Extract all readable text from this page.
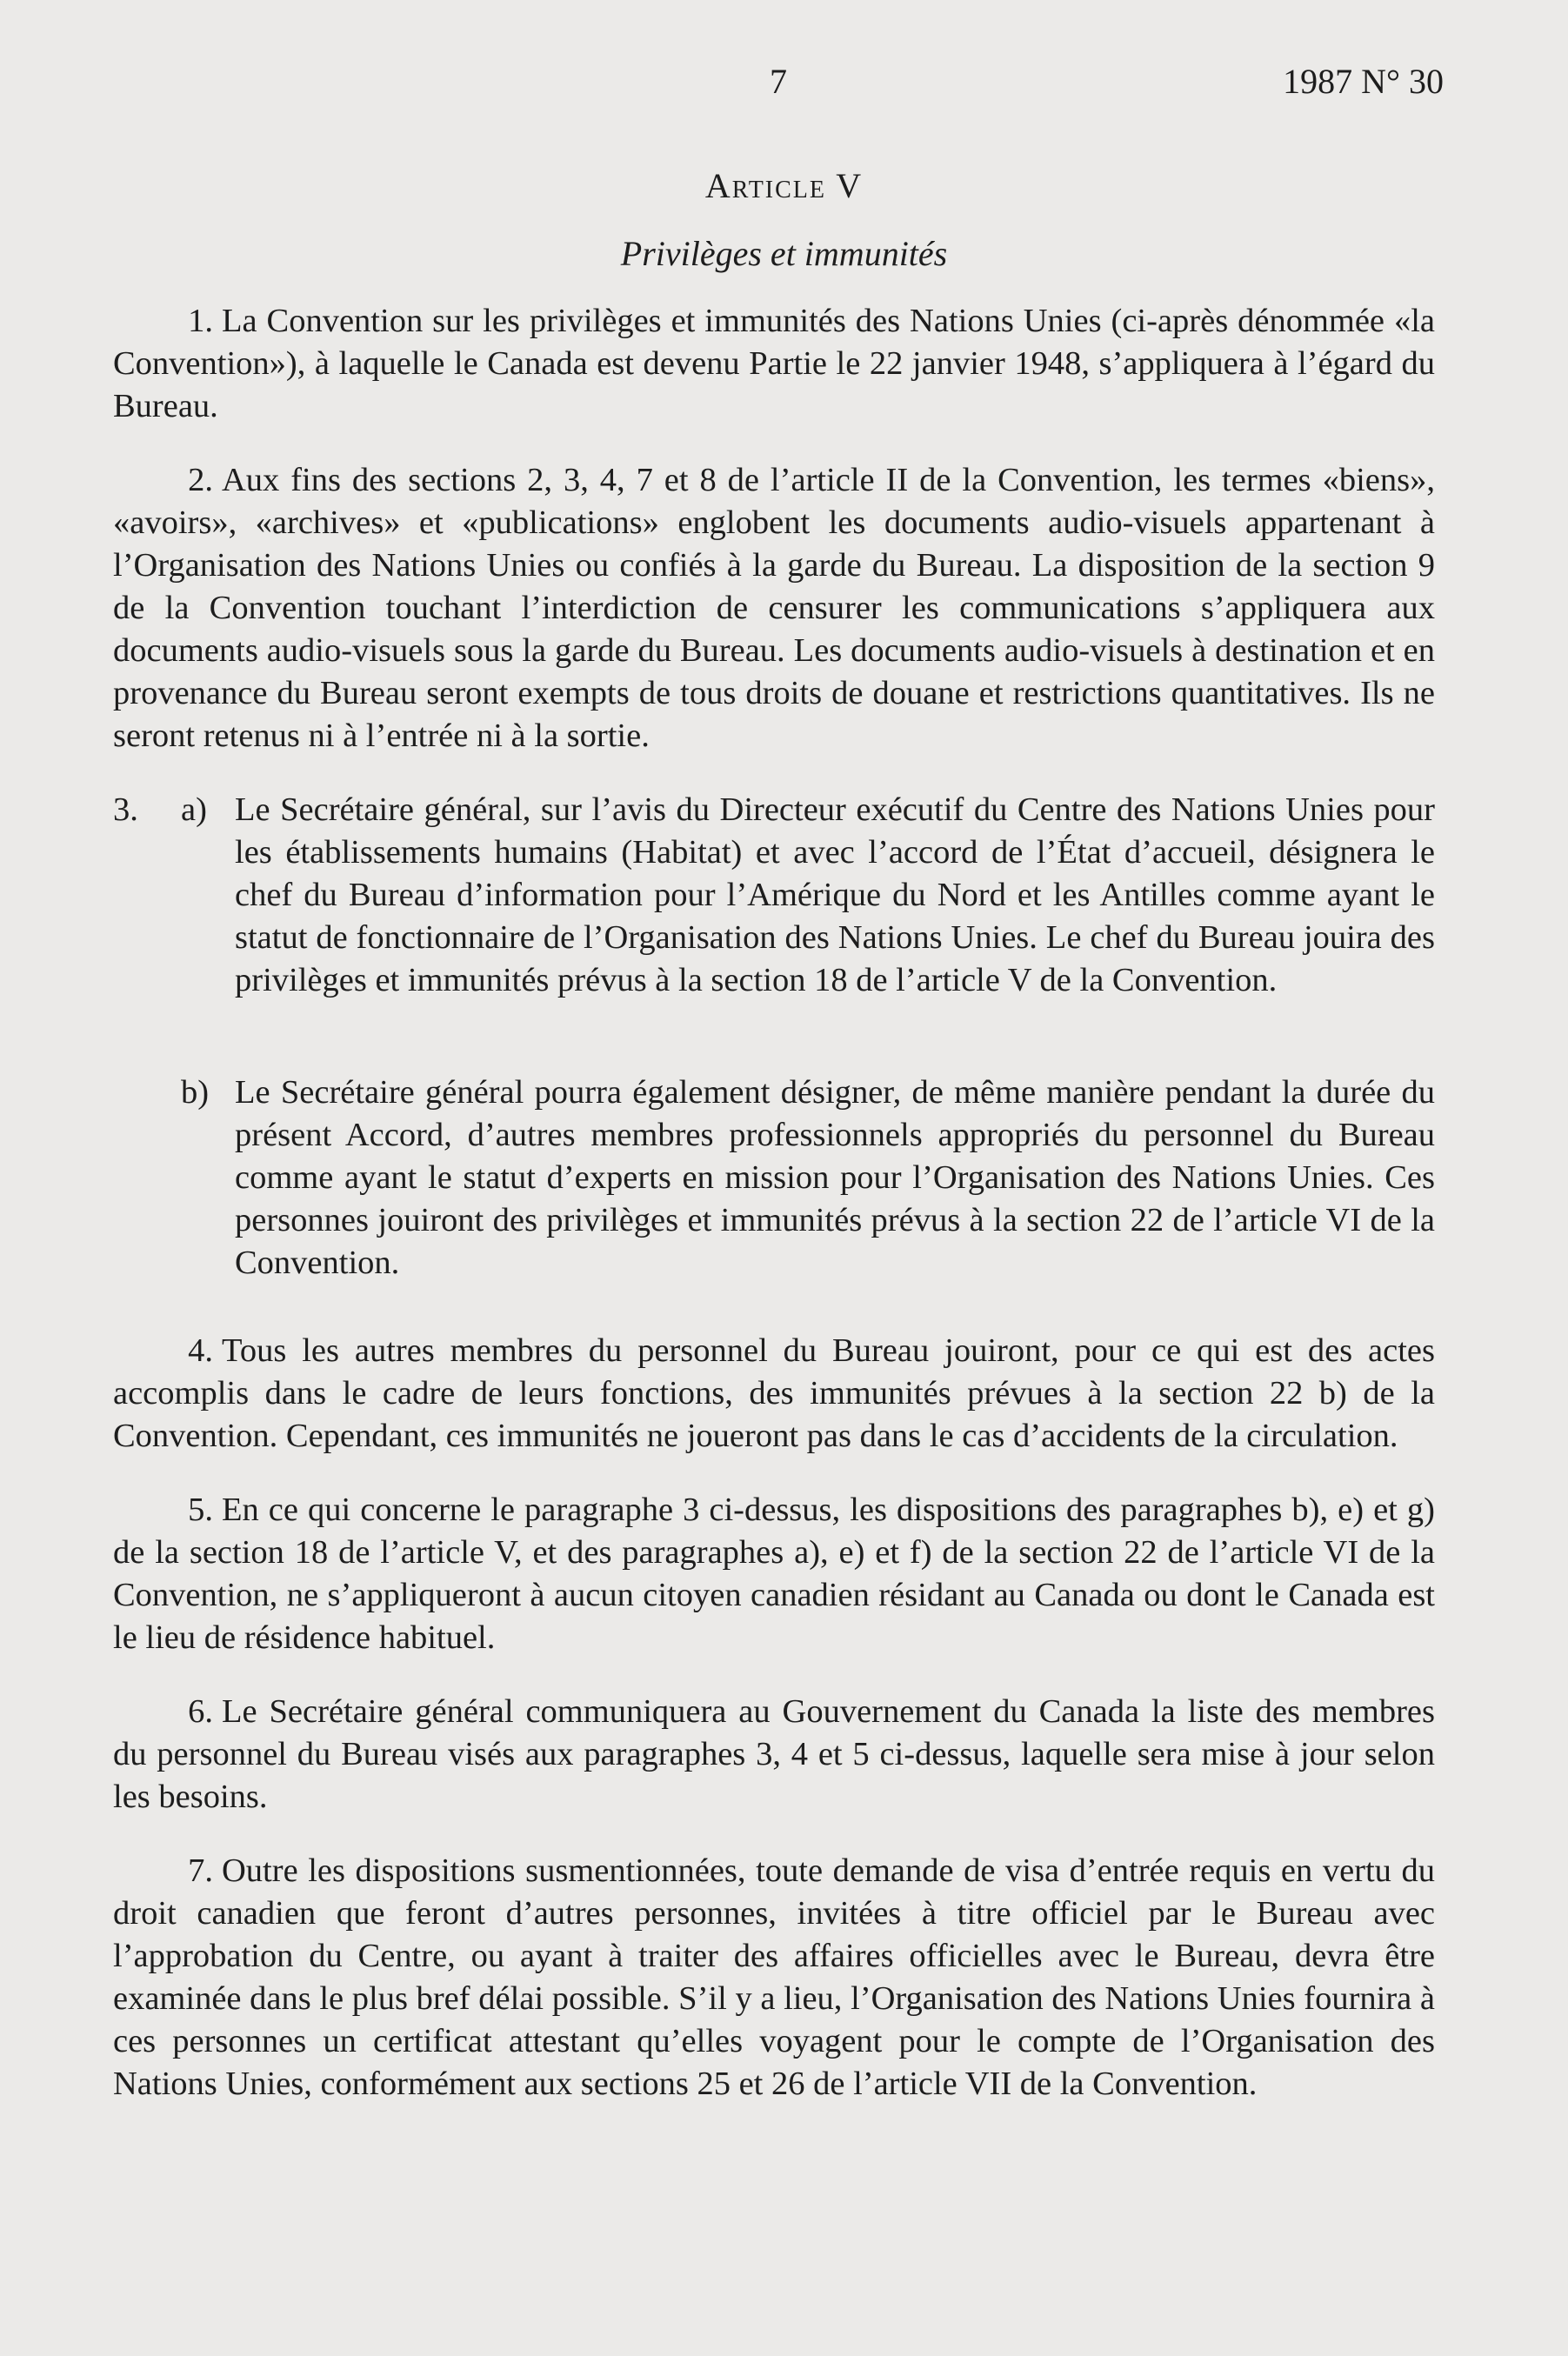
7	1987 N° 30
Article V
Privilèges et immunités

1. La Convention sur les privilèges et immunités des Nations Unies (ci-après dénommée «la Convention»), à laquelle le Canada est devenu Partie le 22 janvier 1948, s’appliquera à l’égard du Bureau.

2. Aux fins des sections 2, 3, 4, 7 et 8 de l’article II de la Convention, les termes «biens», «avoirs», «archives» et «publications» englobent les documents audio-visuels appartenant à l’Organisation des Nations Unies ou confiés à la garde du Bureau. La disposition de la section 9 de la Convention touchant l’interdiction de censurer les communications s’appliquera aux documents audio-visuels sous la garde du Bureau. Les documents audio-visuels à destination et en provenance du Bureau seront exempts de tous droits de douane et restrictions quantitatives. Ils ne seront retenus ni à l’entrée ni à la sortie.

3.	a) Le Secrétaire général, sur l’avis du Directeur exécutif du Centre des Nations Unies pour les établissements humains (Habitat) et avec l’accord de l’État d’accueil, désignera le chef du Bureau d’information pour l’Amérique du Nord et les Antilles comme ayant le statut de fonctionnaire de l’Organisation des Nations Unies. Le chef du Bureau jouira des privilèges et immunités prévus à la section 18 de l’article V de la Convention.
b) Le Secrétaire général pourra également désigner, de même manière pendant la durée du présent Accord, d’autres membres professionnels appropriés du personnel du Bureau comme ayant le statut d’experts en mission pour l’Organisation des Nations Unies. Ces personnes jouiront des privilèges et immunités prévus à la section 22 de l’article VI de la Convention.

4. Tous les autres membres du personnel du Bureau jouiront, pour ce qui est des actes accomplis dans le cadre de leurs fonctions, des immunités prévues à la section 22 b) de la Convention. Cependant, ces immunités ne joueront pas dans le cas d’accidents de la circulation.

5. En ce qui concerne le paragraphe 3 ci-dessus, les dispositions des paragraphes b), e) et g) de la section 18 de l’article V, et des paragraphes a), e) et f) de la section 22 de l’article VI de la Convention, ne s’appliqueront à aucun citoyen canadien résidant au Canada ou dont le Canada est le lieu de résidence habituel.

6. Le Secrétaire général communiquera au Gouvernement du Canada la liste des membres du personnel du Bureau visés aux paragraphes 3, 4 et 5 ci-dessus, laquelle sera mise à jour selon les besoins.

7. Outre les dispositions susmentionnées, toute demande de visa d’entrée requis en vertu du droit canadien que feront d’autres personnes, invitées à titre officiel par le Bureau avec l’approbation du Centre, ou ayant à traiter des affaires officielles avec le Bureau, devra être examinée dans le plus bref délai possible. S’il y a lieu, l’Organisation des Nations Unies fournira à ces personnes un certificat attestant qu’elles voyagent pour le compte de l’Organisation des Nations Unies, conformément aux sections 25 et 26 de l’article VII de la Convention.
